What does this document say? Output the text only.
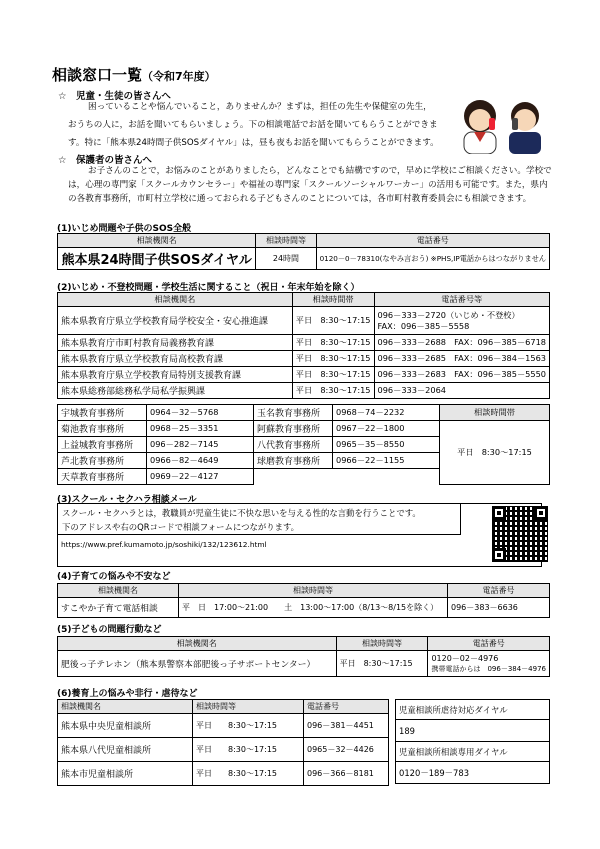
相談窓口一覧（令和7年度）
☆　児童・生徒の皆さんへ
困っていることや悩んでいること，ありませんか？まずは，担任の先生や保健室の先生，
おうちの人に，お話を聞いてもらいましょう。下の相談電話でお話を聞いてもらうことができま
す。特に「熊本県24時間子供SOSダイヤル」は，昼も夜もお話を聞いてもらうことができます。
☆　保護者の皆さんへ
お子さんのことで，お悩みのことがありましたら，どんなことでも結構ですので，早めに学校にご相談ください。学校で
は，心理の専門家「スクールカウンセラー」や福祉の専門家「スクールソーシャルワーカー」の活用も可能です。また，県内
の各教育事務所，市町村立学校に通っておられる子どもさんのことについては，各市町村教育委員会にも相談できます。
(1)いじめ問題や子供のSOS全般
相談機関名	相談時間等	電話番号
熊本県24時間子供SOSダイヤル	24時間	0120－0－78310(なやみ言おう) ※PHS,IP電話からはつながりません
(2)いじめ・不登校問題・学校生活に関すること（祝日・年末年始を除く）
相談機関名	相談時間帯	電話番号等
熊本県教育庁県立学校教育局学校安全・安心推進課	平日　8:30～17:15	096－333－2720（いじめ・不登校）
FAX：096－385－5558

熊本県教育庁市町村教育局義務教育課	平日　8:30～17:15	096－333－2688　FAX：096－385－6718
熊本県教育庁県立学校教育局高校教育課	平日　8:30～17:15	096－333－2685　FAX：096－384－1563
熊本県教育庁県立学校教育局特別支援教育課	平日　8:30～17:15	096－333－2683　FAX：096－385－5550
熊本県総務部総務私学局私学振興課	平日　8:30～17:15	096－333－2064
宇城教育事務所	0964－32－5768	玉名教育事務所	0968－74－2232	相談時間帯
菊池教育事務所	0968－25－3351	阿蘇教育事務所	0967－22－1800	平日　8:30～17:15
上益城教育事務所	096－282－7145	八代教育事務所	0965－35－8550	
芦北教育事務所	0966－82－4649	球磨教育事務所	0966－22－1155	
天草教育事務所	0969－22－4127			
(3)スクール・セクハラ相談メール
スクール・セクハラとは，教職員が児童生徒に不快な思いを与える性的な言動を行うことです。
下のアドレスや右のQRコードで相談フォームにつながります。
https://www.pref.kumamoto.jp/soshiki/132/123612.html
(4)子育ての悩みや不安など
相談機関名	相談時間等	電話番号
すこやか子育て電話相談	平　日　17:00～21:00　　土　13:00～17:00（8/13～8/15を除く）	096－383－6636
(5)子どもの問題行動など
相談機関名	相談時間等	電話番号
肥後っ子テレホン（熊本県警察本部肥後っ子サポートセンター）	平日　8:30～17:15	0120－02－4976
携帯電話からは　096－384－4976
(6)養育上の悩みや非行・虐待など
相談機関名	相談時間等	電話番号
熊本県中央児童相談所	平日　　8:30～17:15	096－381－4451
熊本県八代児童相談所	平日　　8:30～17:15	0965－32－4426
熊本市児童相談所	平日　　8:30～17:15	096－366－8181
児童相談所虐待対応ダイヤル
189
児童相談所相談専用ダイヤル
0120－189－783
